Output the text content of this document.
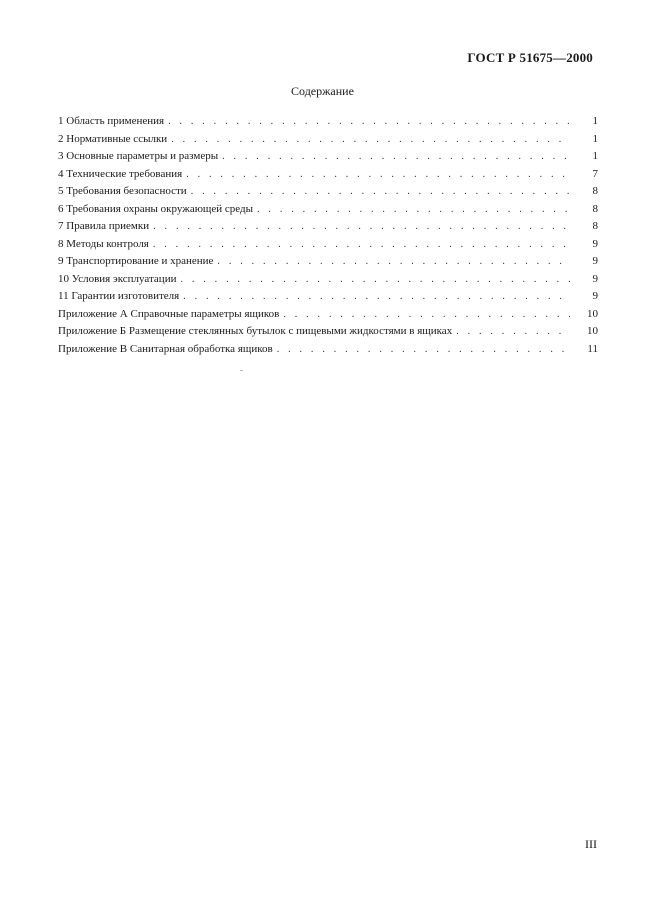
ГОСТ Р 51675—2000
Содержание
1 Область применения . . .	1
2 Нормативные ссылки . . .	1
3 Основные параметры и размеры . . .	1
4 Технические требования . . .	7
5 Требования безопасности . . .	8
6 Требования охраны окружающей среды . . .	8
7 Правила приемки . . .	8
8 Методы контроля . . .	9
9 Транспортирование и хранение . . .	9
10 Условия эксплуатации . . .	9
11 Гарантии изготовителя . . .	9
Приложение А Справочные параметры ящиков . . .	10
Приложение Б Размещение стеклянных бутылок с пищевыми жидкостями в ящиках . . .	10
Приложение В Санитарная обработка ящиков . . .	11
III
